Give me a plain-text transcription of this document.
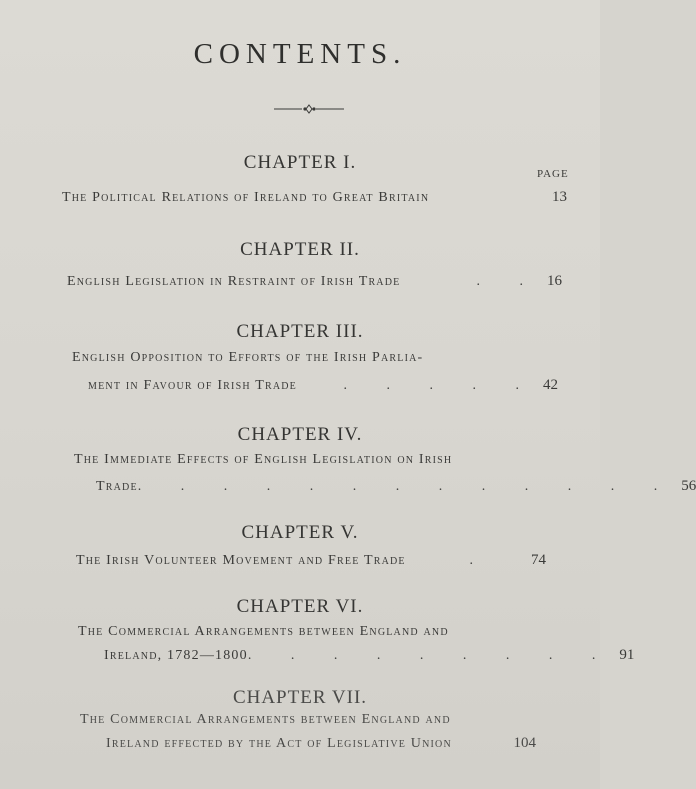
CONTENTS.
PAGE
CHAPTER I.
The Political Relations of Ireland to Great Britain	13
CHAPTER II.
English Legislation in Restraint of Irish Trade	. . 16
CHAPTER III.
English Opposition to Efforts of the Irish Parlia-
ment in Favour of Irish Trade	. . . . . 42
CHAPTER IV.
The Immediate Effects of English Legislation on Irish
Trade . . . . . . . . . . . . . 56
CHAPTER V.
The Irish Volunteer Movement and Free Trade	.	74
CHAPTER VI.
The Commercial Arrangements between England and
Ireland, 1782—1800 . . . . . . . . . 91
CHAPTER VII.
The Commercial Arrangements between England and
Ireland effected by the Act of Legislative Union	104
